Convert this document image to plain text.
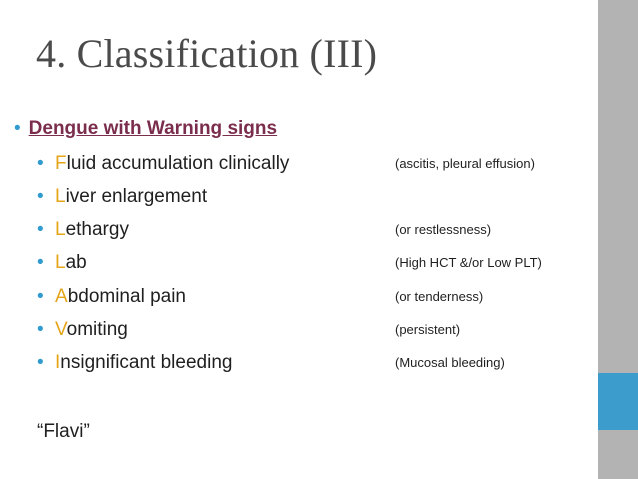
4. Classification (III)
• Dengue with Warning signs
• Fluid accumulation clinically	(ascitis, pleural effusion)
• Liver enlargement
• Lethargy	(or restlessness)
• Lab	(High HCT &/or Low PLT)
• Abdominal pain	(or tenderness)
• Vomiting	(persistent)
• Insignificant bleeding	(Mucosal bleeding)
“Flavi”
